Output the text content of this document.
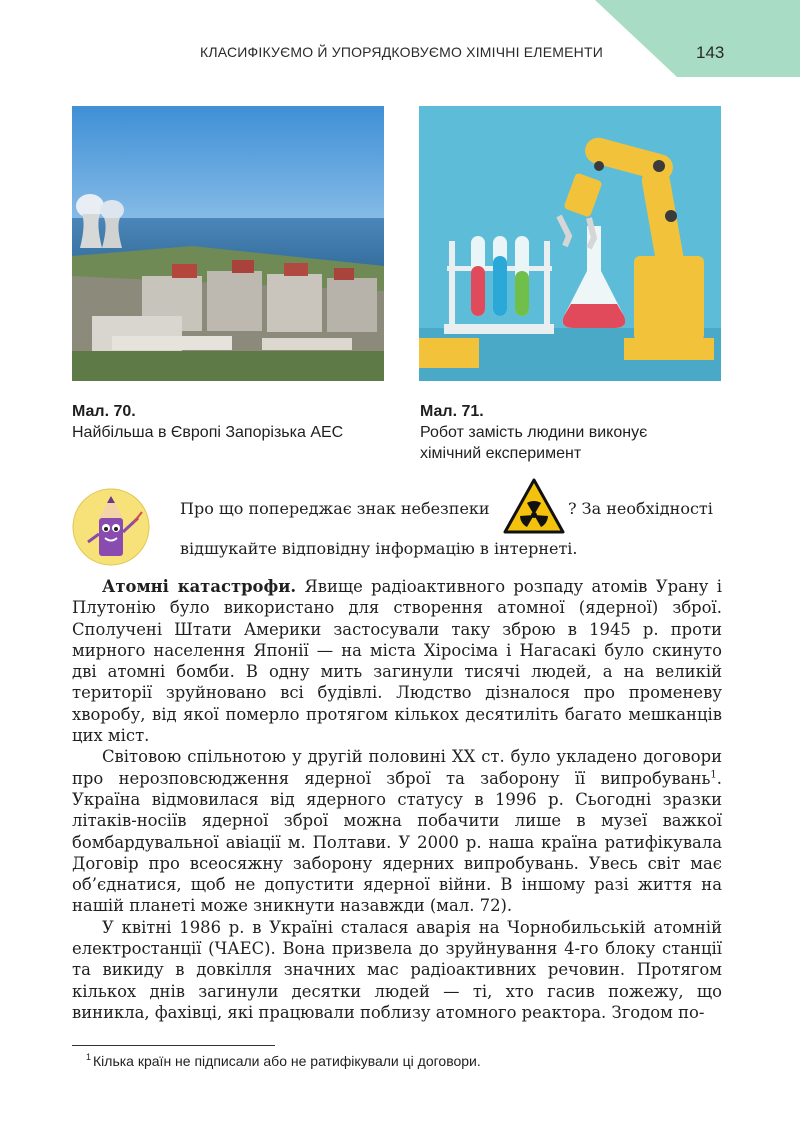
КЛАСИФІКУЄМО Й УПОРЯДКОВУЄМО ХІМІЧНІ ЕЛЕМЕНТИ	143
Мал. 70.
Найбільша в Європі Запорізька АЕС
Мал. 71.
Робот замість людини виконує
хімічний експеримент
Про що попереджає знак небезпеки	? За необхідності
відшукайте відповідну інформацію в інтернеті.

Атомні катастрофи. Явище радіоактивного розпаду атомів Урану і Плутонію було використано для створення атомної (ядерної) зброї. Сполучені Штати Америки застосували таку зброю в 1945 р. проти мирного населення Японії — на міста Хіросіма і Нагасакі було скинуто дві атомні бомби. В одну мить загинули тисячі людей, а на великій території зруйновано всі будівлі. Людство дізналося про променеву хворобу, від якої померло протягом кількох десятиліть багато мешканців цих міст.

Світовою спільнотою у другій половині XX ст. було укладено договори про нерозповсюдження ядерної зброї та заборону її випробувань$^1$. Україна відмовилася від ядерного статусу в 1996 р. Сьогодні зразки літаків-носіїв ядерної зброї можна побачити лише в музеї важкої бомбардувальної авіації м. Полтави. У 2000 р. наша країна ратифікувала Договір про всеосяжну заборону ядерних випробувань. Увесь світ має об’єднатися, щоб не допустити ядерної війни. В іншому разі життя на нашій планеті може зникнути назавжди (мал. 72).

У квітні 1986 р. в Україні сталася аварія на Чорнобильській атомній електростанції (ЧАЕС). Вона призвела до зруйнування 4-го блоку станції та викиду в довкілля значних мас радіоактивних речовин. Протягом кількох днів загинули десятки людей — ті, хто гасив пожежу, що виникла, фахівці, які працювали поблизу атомного реактора. Згодом по-

$^1$ Кілька країн не підписали або не ратифікували ці договори.
